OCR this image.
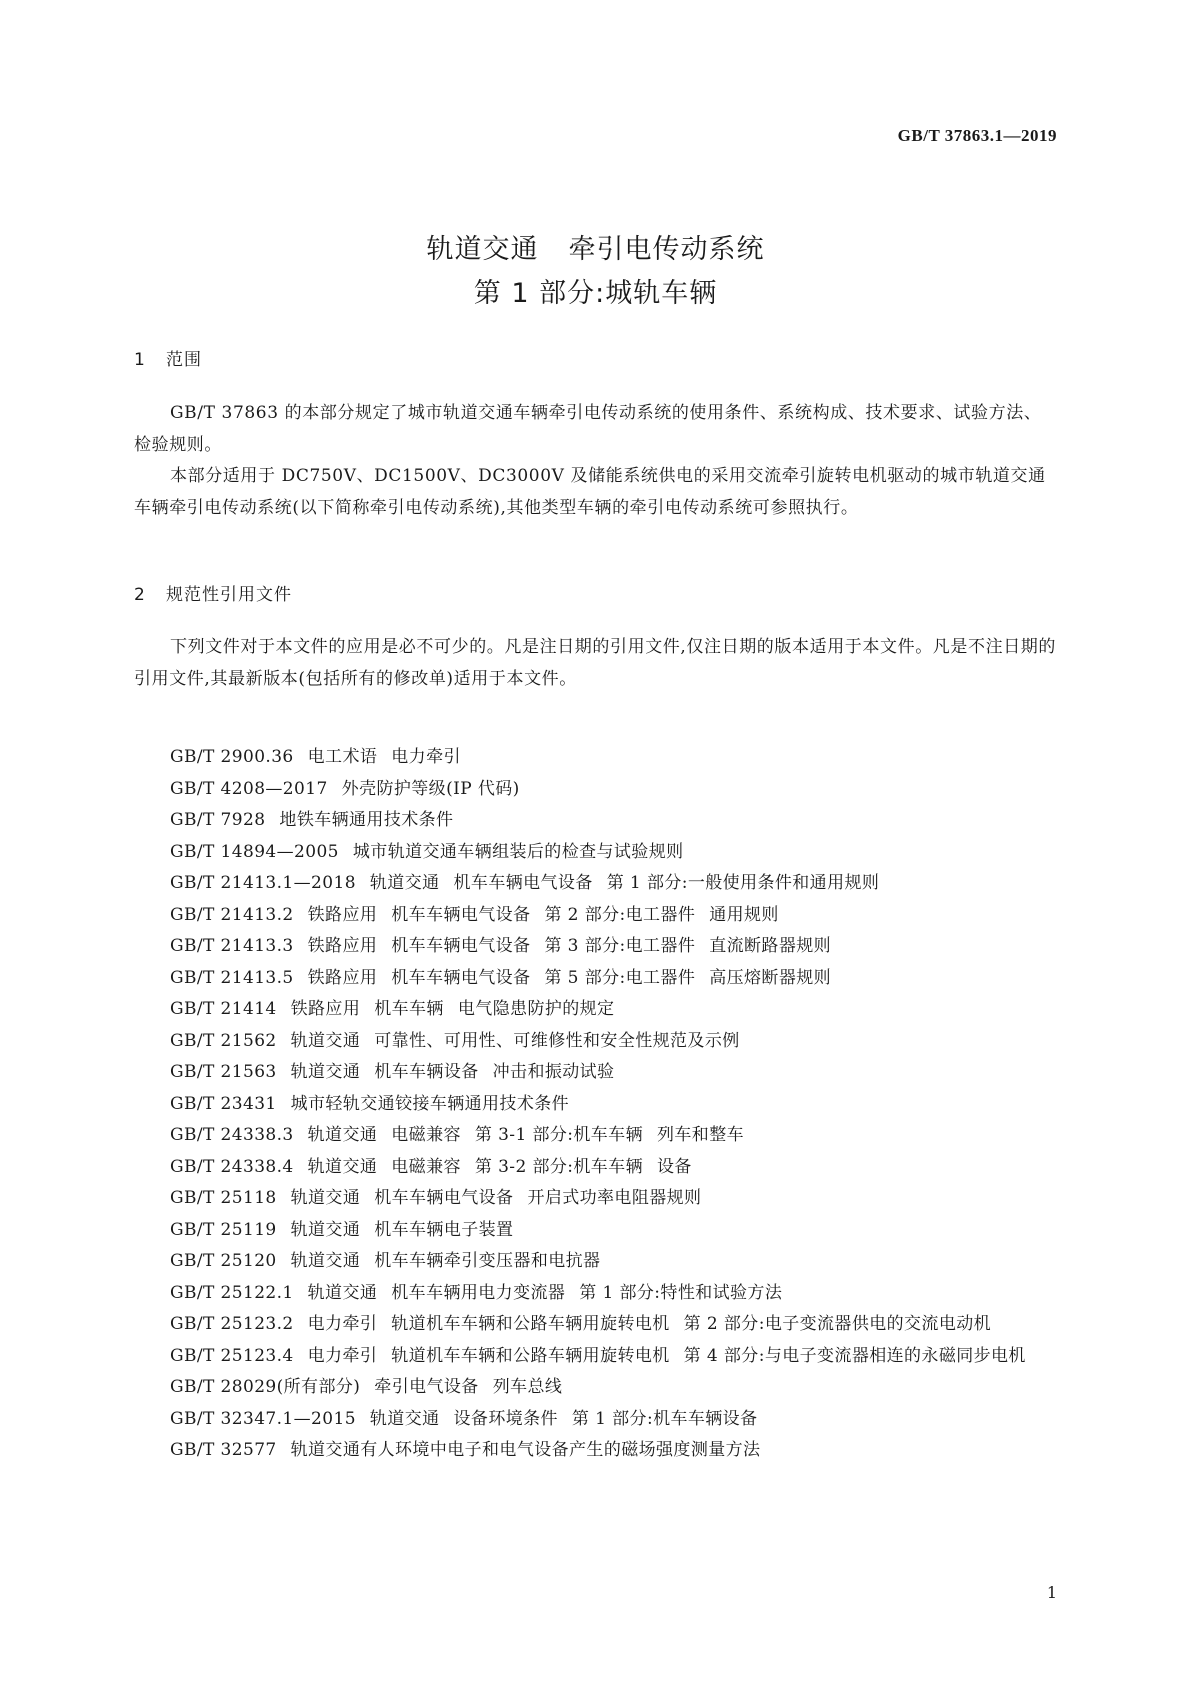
GB/T 37863.1—2019
轨道交通 牵引电传动系统
第 1 部分:城轨车辆
1 范围

GB/T 37863 的本部分规定了城市轨道交通车辆牵引电传动系统的使用条件、系统构成、技术要求、试验方法、检验规则。

本部分适用于 DC750V、DC1500V、DC3000V 及储能系统供电的采用交流牵引旋转电机驱动的城市轨道交通车辆牵引电传动系统(以下简称牵引电传动系统),其他类型车辆的牵引电传动系统可参照执行。

2 规范性引用文件

下列文件对于本文件的应用是必不可少的。凡是注日期的引用文件,仅注日期的版本适用于本文件。凡是不注日期的引用文件,其最新版本(包括所有的修改单)适用于本文件。

GB/T 2900.36 电工术语 电力牵引
GB/T 4208—2017 外壳防护等级(IP 代码)
GB/T 7928 地铁车辆通用技术条件
GB/T 14894—2005 城市轨道交通车辆组装后的检查与试验规则
GB/T 21413.1—2018 轨道交通 机车车辆电气设备 第 1 部分:一般使用条件和通用规则
GB/T 21413.2 铁路应用 机车车辆电气设备 第 2 部分:电工器件 通用规则
GB/T 21413.3 铁路应用 机车车辆电气设备 第 3 部分:电工器件 直流断路器规则
GB/T 21413.5 铁路应用 机车车辆电气设备 第 5 部分:电工器件 高压熔断器规则
GB/T 21414 铁路应用 机车车辆 电气隐患防护的规定
GB/T 21562 轨道交通 可靠性、可用性、可维修性和安全性规范及示例
GB/T 21563 轨道交通 机车车辆设备 冲击和振动试验
GB/T 23431 城市轻轨交通铰接车辆通用技术条件
GB/T 24338.3 轨道交通 电磁兼容 第 3-1 部分:机车车辆 列车和整车
GB/T 24338.4 轨道交通 电磁兼容 第 3-2 部分:机车车辆 设备
GB/T 25118 轨道交通 机车车辆电气设备 开启式功率电阻器规则
GB/T 25119 轨道交通 机车车辆电子装置
GB/T 25120 轨道交通 机车车辆牵引变压器和电抗器
GB/T 25122.1 轨道交通 机车车辆用电力变流器 第 1 部分:特性和试验方法
GB/T 25123.2 电力牵引 轨道机车车辆和公路车辆用旋转电机 第 2 部分:电子变流器供电的交流电动机
GB/T 25123.4 电力牵引 轨道机车车辆和公路车辆用旋转电机 第 4 部分:与电子变流器相连的永磁同步电机
GB/T 28029(所有部分) 牵引电气设备 列车总线
GB/T 32347.1—2015 轨道交通 设备环境条件 第 1 部分:机车车辆设备
GB/T 32577 轨道交通有人环境中电子和电气设备产生的磁场强度测量方法
1
